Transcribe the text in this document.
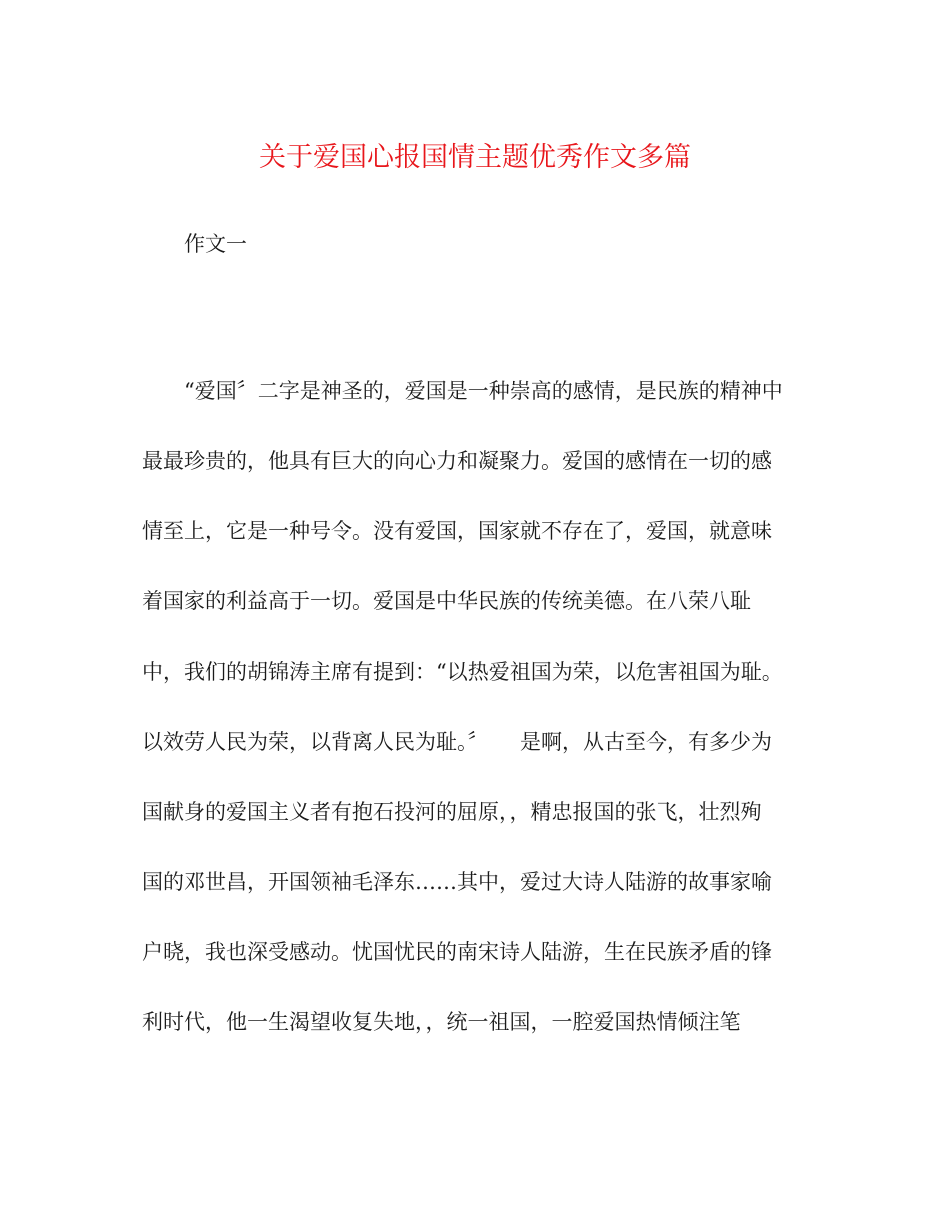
关于爱国心报国情主题优秀作文多篇
作文一
“爱国〞二字是神圣的，爱国是一种崇高的感情，是民族的精神中
最最珍贵的，他具有巨大的向心力和凝聚力。爱国的感情在一切的感
情至上，它是一种号令。没有爱国，国家就不存在了，爱国，就意味
着国家的利益高于一切。爱国是中华民族的传统美德。在八荣八耻
中，我们的胡锦涛主席有提到：“以热爱祖国为荣，以危害祖国为耻。
以效劳人民为荣，以背离人民为耻。〞　　是啊，从古至今，有多少为
国献身的爱国主义者有抱石投河的屈原，，精忠报国的张飞，壮烈殉
国的邓世昌，开国领袖毛泽东……其中，爱过大诗人陆游的故事家喻
户晓，我也深受感动。忧国忧民的南宋诗人陆游，生在民族矛盾的锋
利时代，他一生渴望收复失地，，统一祖国，一腔爱国热情倾注笔
